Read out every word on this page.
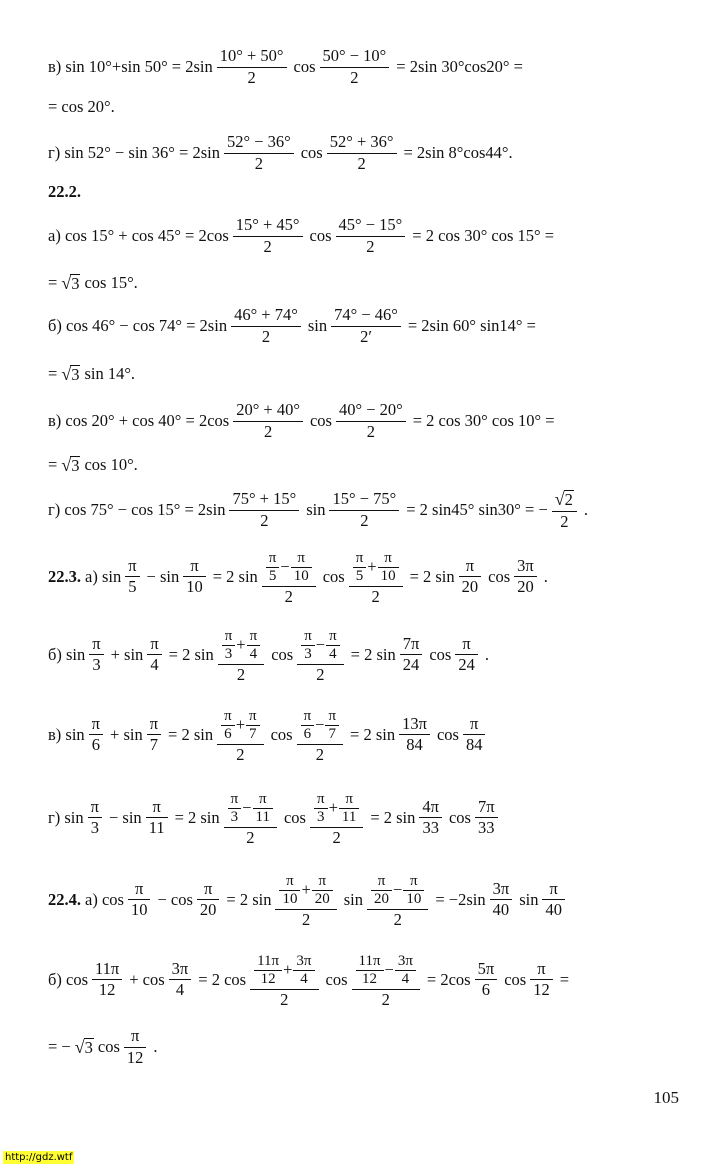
в) sin 10°+sin $50^\circ = 2\sin \frac{10^\circ + 50^\circ}{2}$ $\cos \frac{50^\circ - 10^\circ}{2} = 2\sin$ 30°cos20° =
= cos 20°.
г) $\sin 52^\circ - \sin 36^\circ = 2\sin \frac{52^\circ - 36^\circ}{2}$ $\cos \frac{52^\circ + 36^\circ}{2} = 2\sin$ 8°cos44°.
22.2.
а) $\cos 15^\circ + \cos 45^\circ = 2\cos \frac{15^\circ + 45^\circ}{2}$ $\cos \frac{45^\circ - 15^\circ}{2} = 2$ cos 30° cos 15° =
= √ 3 cos 15°.
б) $\cos 46^\circ - \cos 74^\circ = 2\sin \frac{46^\circ + 74^\circ}{2}$ $\sin \frac{74^\circ - 46^\circ}{2'} = 2\sin$ 60° sin14° =
= √ 3 sin 14°.
в) $\cos 20^\circ + \cos 40^\circ = 2\cos \frac{20^\circ + 40^\circ}{2}$ $\cos \frac{40^\circ - 20^\circ}{2} = 2$ cos 30° cos 10° =
= √ 3 cos 10°.
г) $\cos 75^\circ - \cos 15^\circ = 2\sin \frac{75^\circ + 15^\circ}{2}$ $\sin \frac{15^\circ - 75^\circ}{2} = 2$ sin45° sin30° = − $\frac{√ 2}{2}$ .
22.3. а) $\sin \frac{\pi}{5} - \sin \frac{\pi}{10} = 2$ $\sin \frac{\frac{\pi}{5} - \frac{\pi}{10}}{2}$ $\cos \frac{\frac{\pi}{5} + \frac{\pi}{10}}{2} = 2$ $\sin \frac{\pi}{20}$ $\cos \frac{3\pi}{20}$ .
б) $\sin \frac{\pi}{3} + \sin \frac{\pi}{4} = 2$ $\sin \frac{\frac{\pi}{3} + \frac{\pi}{4}}{2}$ $\cos \frac{\frac{\pi}{3} - \frac{\pi}{4}}{2} = 2$ $\sin \frac{7\pi}{24}$ $\cos \frac{\pi}{24}$ .
в) $\sin \frac{\pi}{6} + \sin \frac{\pi}{7} = 2$ $\sin \frac{\frac{\pi}{6} + \frac{\pi}{7}}{2}$ $\cos \frac{\frac{\pi}{6} - \frac{\pi}{7}}{2} = 2$ $\sin \frac{13\pi}{84}$ $\cos \frac{\pi}{84}$
г) $\sin \frac{\pi}{3} - \sin \frac{\pi}{11} = 2$ $\sin \frac{\frac{\pi}{3} - \frac{\pi}{11}}{2}$ $\cos \frac{\frac{\pi}{3} + \frac{\pi}{11}}{2} = 2$ $\sin \frac{4\pi}{33}$ $\cos \frac{7\pi}{33}$
22.4. а) $\cos \frac{\pi}{10} - \cos \frac{\pi}{20} = 2$ $\sin \frac{\frac{\pi}{10} + \frac{\pi}{20}}{2}$ $\sin \frac{\frac{\pi}{20} - \frac{\pi}{10}}{2} = -2\sin \frac{3\pi}{40}$ $\sin \frac{\pi}{40}$
б) $\cos \frac{11\pi}{12} + \cos \frac{3\pi}{4} = 2$ $\cos \frac{\frac{11\pi}{12} + \frac{3\pi}{4}}{2}$ $\cos \frac{\frac{11\pi}{12} - \frac{3\pi}{4}}{2} = 2\cos \frac{5\pi}{6}$ $\cos \frac{\pi}{12}$ =
= − √ 3 $\cos \frac{\pi}{12}$ .
105
http://gdz.wtf
